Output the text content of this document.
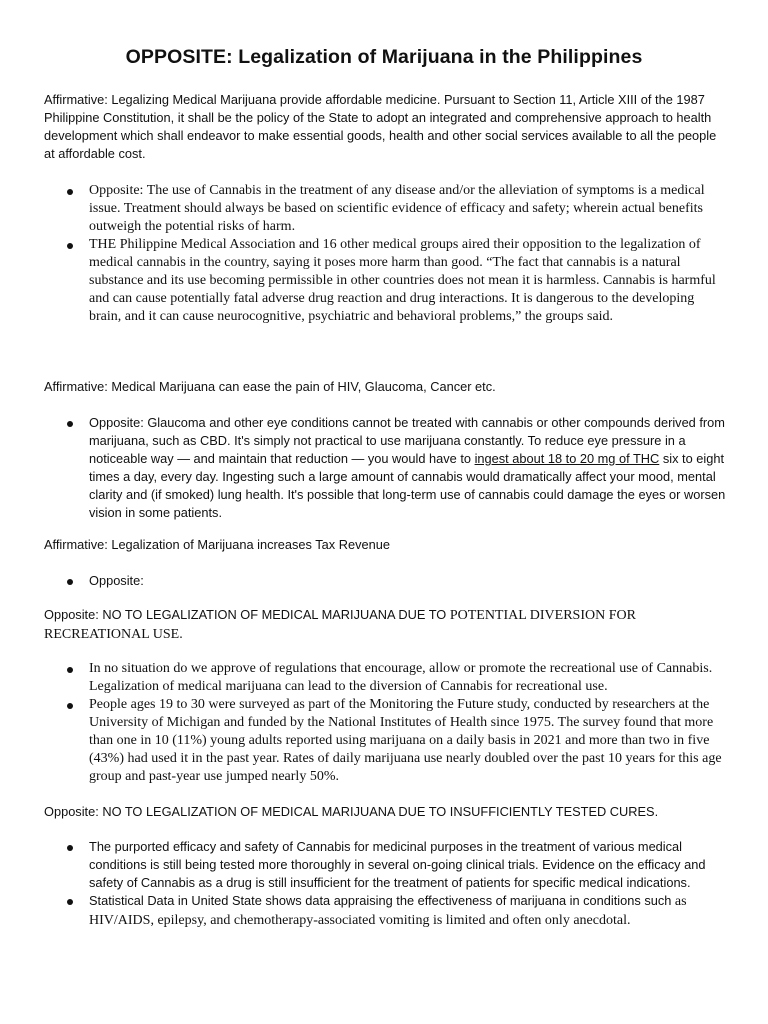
OPPOSITE: Legalization of Marijuana in the Philippines

Affirmative: Legalizing Medical Marijuana provide affordable medicine. Pursuant to Section 11, Article XIII of the 1987 Philippine Constitution, it shall be the policy of the State to adopt an integrated and comprehensive approach to health development which shall endeavor to make essential goods, health and other social services available to all the people at affordable cost.

Opposite: The use of Cannabis in the treatment of any disease and/or the alleviation of symptoms is a medical issue. Treatment should always be based on scientific evidence of efficacy and safety; wherein actual benefits outweigh the potential risks of harm.
THE Philippine Medical Association and 16 other medical groups aired their opposition to the legalization of medical cannabis in the country, saying it poses more harm than good. “The fact that cannabis is a natural substance and its use becoming permissible in other countries does not mean it is harmless. Cannabis is harmful and can cause potentially fatal adverse drug reaction and drug interactions. It is dangerous to the developing brain, and it can cause neurocognitive, psychiatric and behavioral problems,” the groups said.

Affirmative: Medical Marijuana can ease the pain of HIV, Glaucoma, Cancer etc.

Opposite: Glaucoma and other eye conditions cannot be treated with cannabis or other compounds derived from marijuana, such as CBD. It's simply not practical to use marijuana constantly. To reduce eye pressure in a noticeable way — and maintain that reduction — you would have to ingest about 18 to 20 mg of THC six to eight times a day, every day. Ingesting such a large amount of cannabis would dramatically affect your mood, mental clarity and (if smoked) lung health. It's possible that long-term use of cannabis could damage the eyes or worsen vision in some patients.

Affirmative: Legalization of Marijuana increases Tax Revenue

Opposite:

Opposite: NO TO LEGALIZATION OF MEDICAL MARIJUANA DUE TO POTENTIAL DIVERSION FOR RECREATIONAL USE.

In no situation do we approve of regulations that encourage, allow or promote the recreational use of Cannabis. Legalization of medical marijuana can lead to the diversion of Cannabis for recreational use.
People ages 19 to 30 were surveyed as part of the Monitoring the Future study, conducted by researchers at the University of Michigan and funded by the National Institutes of Health since 1975. The survey found that more than one in 10 (11%) young adults reported using marijuana on a daily basis in 2021 and more than two in five (43%) had used it in the past year. Rates of daily marijuana use nearly doubled over the past 10 years for this age group and past-year use jumped nearly 50%.

Opposite: NO TO LEGALIZATION OF MEDICAL MARIJUANA DUE TO INSUFFICIENTLY TESTED CURES.

The purported efficacy and safety of Cannabis for medicinal purposes in the treatment of various medical conditions is still being tested more thoroughly in several on-going clinical trials. Evidence on the efficacy and safety of Cannabis as a drug is still insufficient for the treatment of patients for specific medical indications.
Statistical Data in United State shows data appraising the effectiveness of marijuana in conditions such as HIV/AIDS, epilepsy, and chemotherapy-associated vomiting is limited and often only anecdotal.
